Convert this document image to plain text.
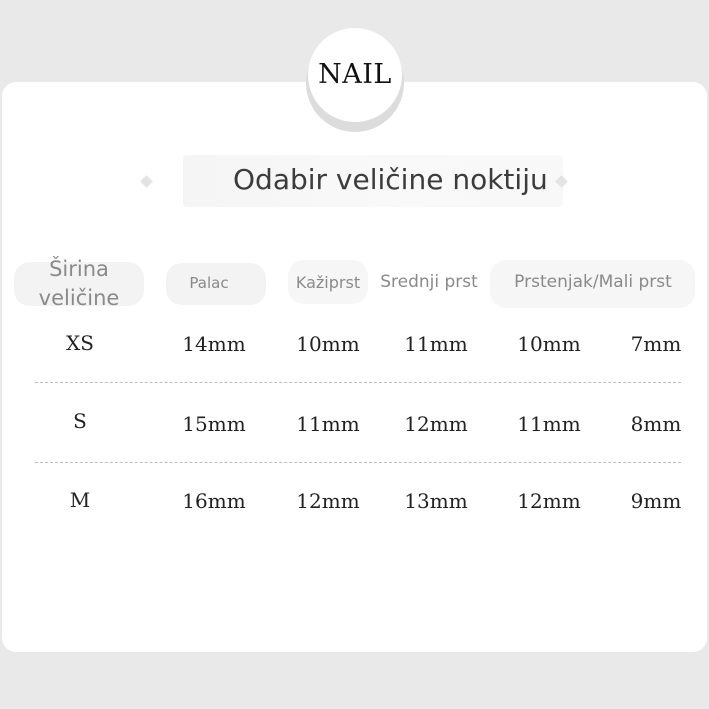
NAIL
Odabir veličine noktiju
Širina
veličine
Palac	Kažiprst	Srednji prst	Prstenjak/Mali prst
XS	14mm	10mm	11mm	10mm	7mm
S	15mm	11mm	12mm	11mm	8mm
M	16mm	12mm	13mm	12mm	9mm
